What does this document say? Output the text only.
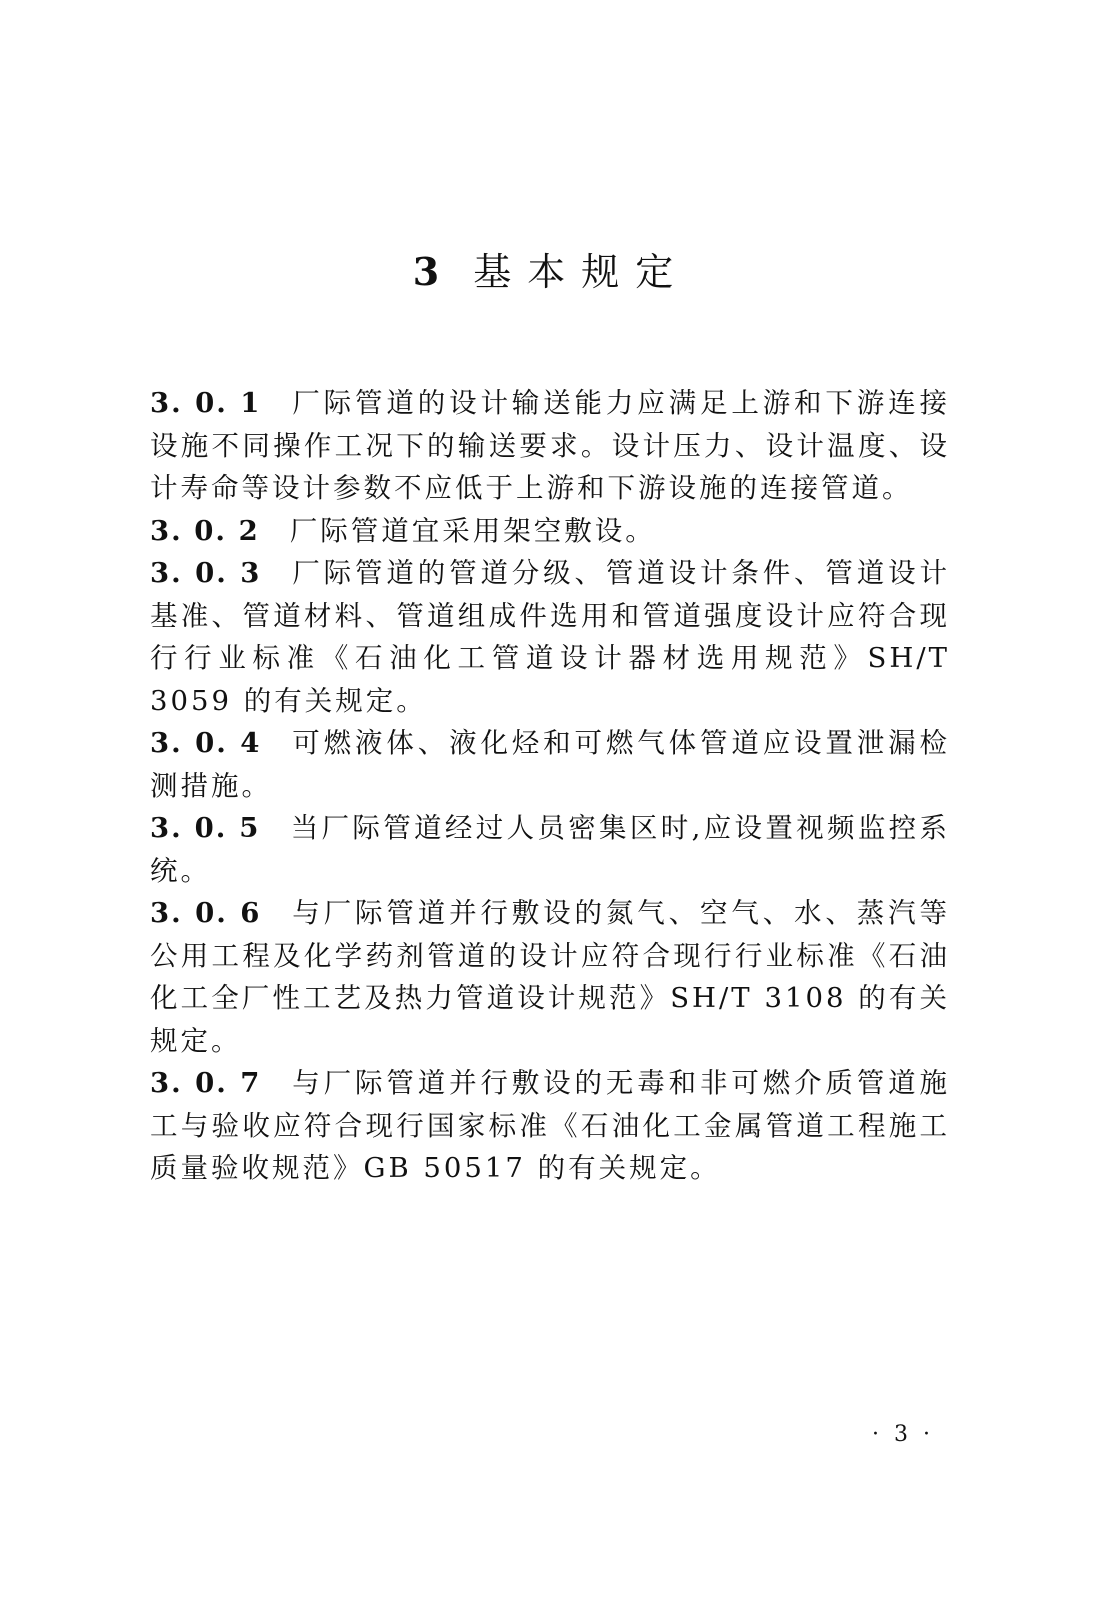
3 基本规定

3. 0. 1 厂际管道的设计输送能力应满足上游和下游连接设施不同操作工况下的输送要求。设计压力、设计温度、设计寿命等设计参数不应低于上游和下游设施的连接管道。

3. 0. 2 厂际管道宜采用架空敷设。

3. 0. 3 厂际管道的管道分级、管道设计条件、管道设计基准、管道材料、管道组成件选用和管道强度设计应符合现行行业标准《石油化工管道设计器材选用规范》SH/T 3059 的有关规定。

3. 0. 4 可燃液体、液化烃和可燃气体管道应设置泄漏检测措施。

3. 0. 5 当厂际管道经过人员密集区时,应设置视频监控系统。

3. 0. 6 与厂际管道并行敷设的氮气、空气、水、蒸汽等公用工程及化学药剂管道的设计应符合现行行业标准《石油化工全厂性工艺及热力管道设计规范》SH/T 3108 的有关规定。

3. 0. 7 与厂际管道并行敷设的无毒和非可燃介质管道施工与验收应符合现行国家标准《石油化工金属管道工程施工质量验收规范》GB 50517 的有关规定。

· 3 ·
